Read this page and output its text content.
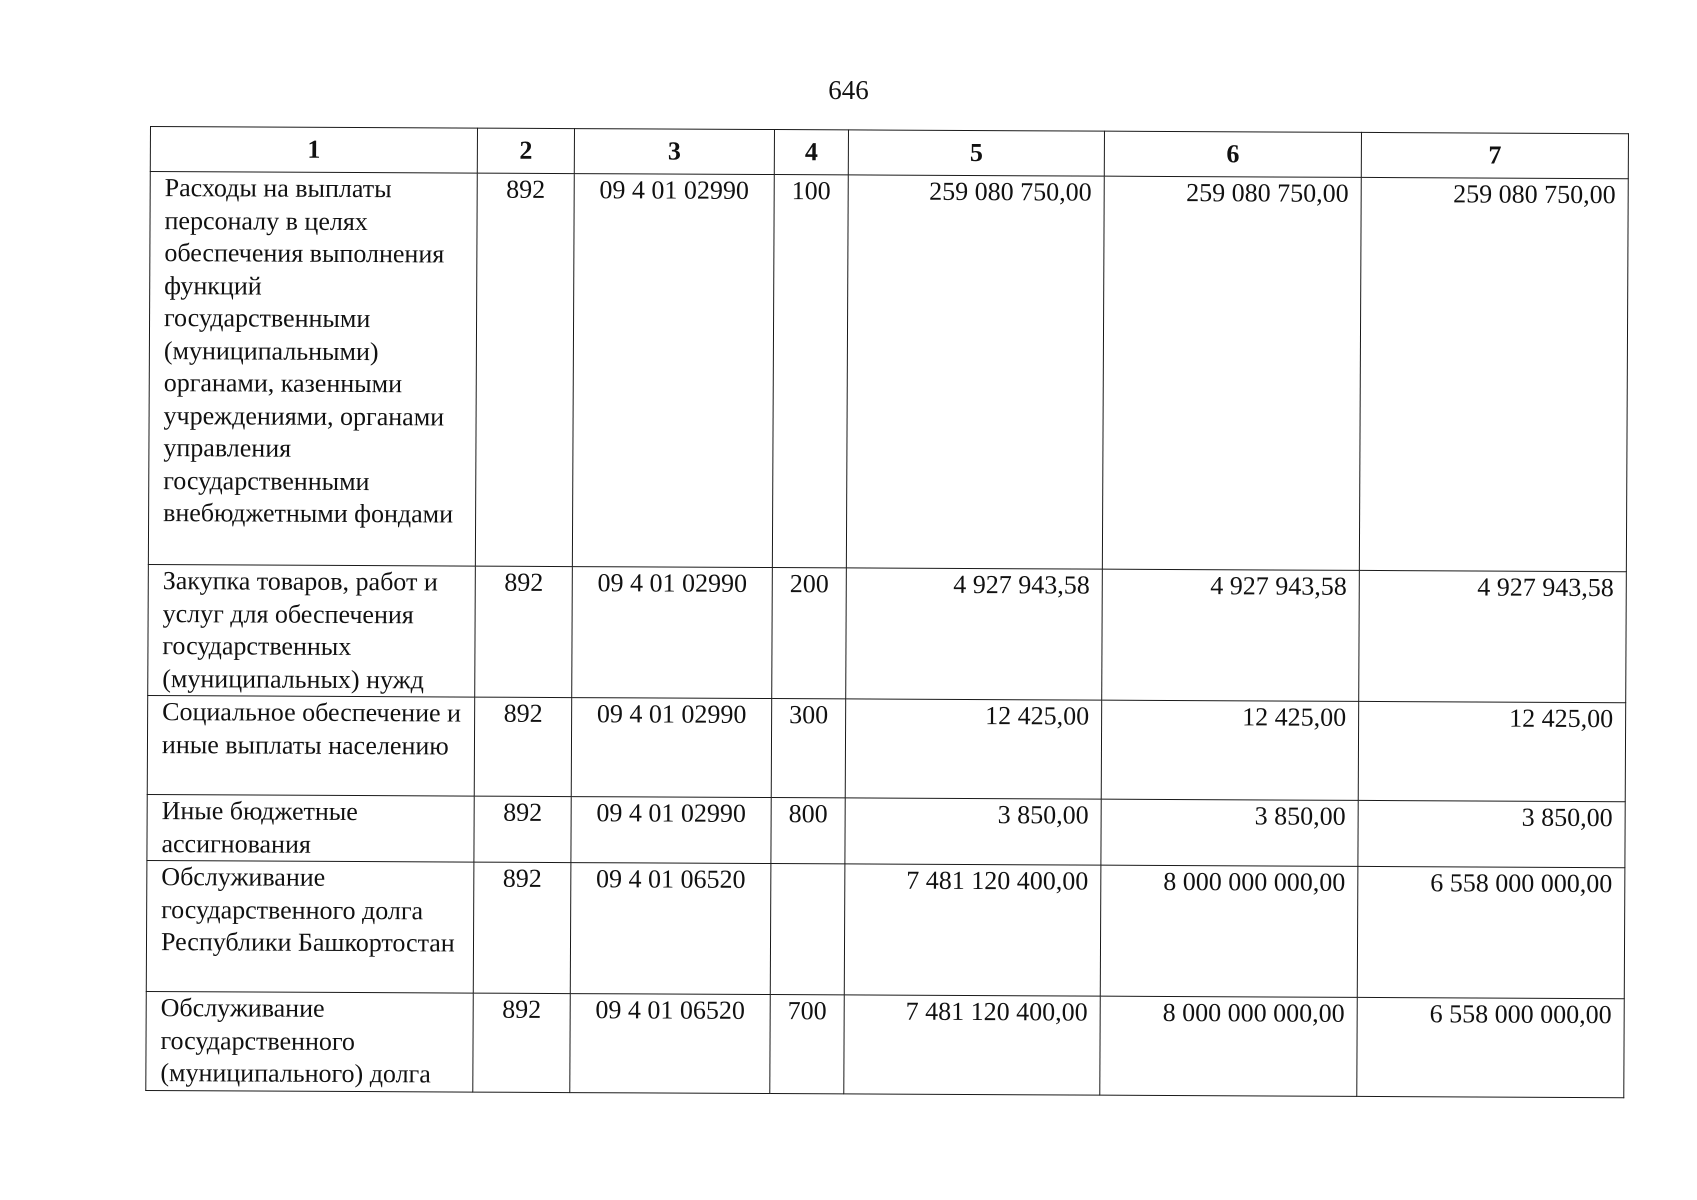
646
1	2	3	4	5	6	7
Расходы на выплаты персоналу в целях обеспечения выполнения функций государственными (муниципальными) органами, казенными учреждениями, органами управления государственными внебюджетными фондами	892	09 4 01 02990	100	259 080 750,00	259 080 750,00	259 080 750,00
Закупка товаров, работ и услуг для обеспечения государственных (муниципальных) нужд	892	09 4 01 02990	200	4 927 943,58	4 927 943,58	4 927 943,58
Социальное обеспечение и иные выплаты населению	892	09 4 01 02990	300	12 425,00	12 425,00	12 425,00
Иные бюджетные ассигнования	892	09 4 01 02990	800	3 850,00	3 850,00	3 850,00
Обслуживание государственного долга Республики Башкортостан	892	09 4 01 06520		7 481 120 400,00	8 000 000 000,00	6 558 000 000,00
Обслуживание государственного (муниципального) долга	892	09 4 01 06520	700	7 481 120 400,00	8 000 000 000,00	6 558 000 000,00
